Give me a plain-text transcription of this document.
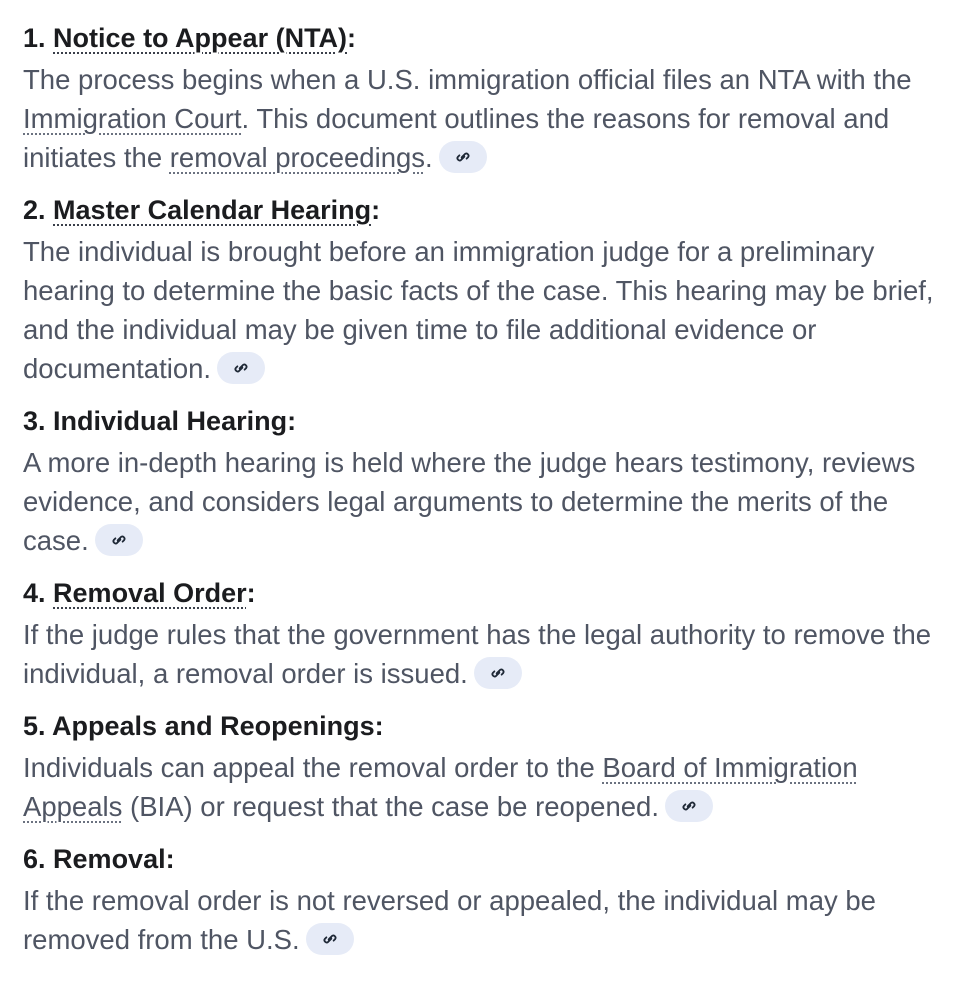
1. Notice to Appear (NTA):

The process begins when a U.S. immigration official files an NTA with the Immigration Court. This document outlines the reasons for removal and initiates the removal proceedings.

2. Master Calendar Hearing:

The individual is brought before an immigration judge for a preliminary hearing to determine the basic facts of the case. This hearing may be brief, and the individual may be given time to file additional evidence or documentation.

3. Individual Hearing:

A more in-depth hearing is held where the judge hears testimony, reviews evidence, and considers legal arguments to determine the merits of the case.

4. Removal Order:

If the judge rules that the government has the legal authority to remove the individual, a removal order is issued.

5. Appeals and Reopenings:

Individuals can appeal the removal order to the Board of Immigration Appeals (BIA) or request that the case be reopened.

6. Removal:

If the removal order is not reversed or appealed, the individual may be removed from the U.S.
